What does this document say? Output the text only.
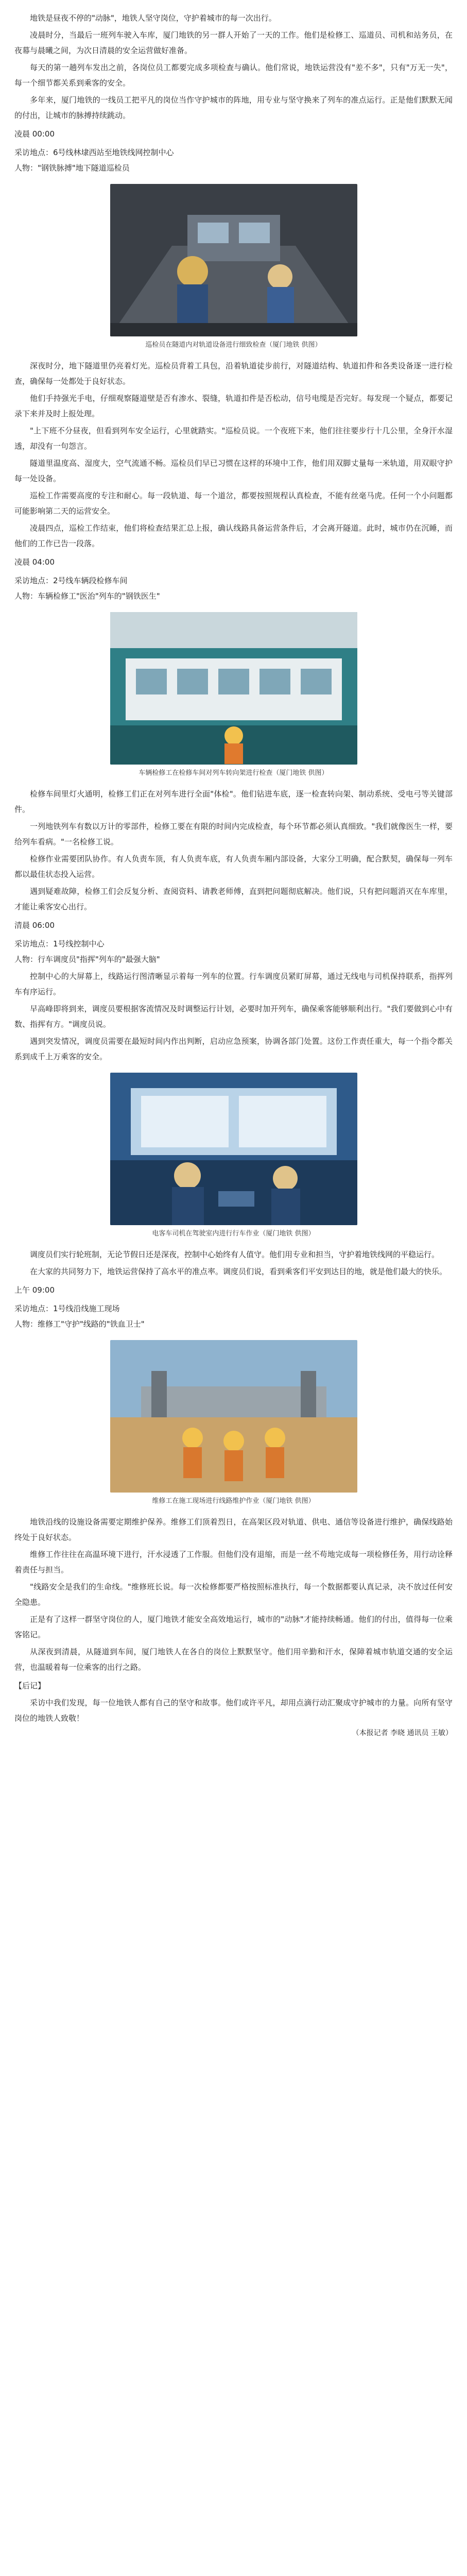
地铁是昼夜不停的"动脉"，地铁人坚守岗位，守护着城市的每一次出行。

凌晨时分，当最后一班列车驶入车库，厦门地铁的另一群人开始了一天的工作。他们是检修工、巡道员、司机和站务员，在夜幕与晨曦之间，为次日清晨的安全运营做好准备。

每天的第一趟列车发出之前，各岗位员工都要完成多项检查与确认。他们常说，地铁运营没有"差不多"，只有"万无一失"，每一个细节都关系到乘客的安全。

多年来，厦门地铁的一线员工把平凡的岗位当作守护城市的阵地，用专业与坚守换来了列车的准点运行。正是他们默默无闻的付出，让城市的脉搏持续跳动。

凌晨 00:00
采访地点：6号线林埭西站至地铁线网控制中心
人物："钢铁脉搏"地下隧道巡检员

巡检员在隧道内对轨道设备进行细致检查（厦门地铁 供图）

深夜时分，地下隧道里仍亮着灯光。巡检员背着工具包，沿着轨道徒步前行，对隧道结构、轨道扣件和各类设备逐一进行检查，确保每一处都处于良好状态。

他们手持强光手电，仔细观察隧道壁是否有渗水、裂缝，轨道扣件是否松动，信号电缆是否完好。每发现一个疑点，都要记录下来并及时上报处理。

"上下班不分昼夜，但看到列车安全运行，心里就踏实。"巡检员说。一个夜班下来，他们往往要步行十几公里，全身汗水湿透，却没有一句怨言。

隧道里温度高、湿度大，空气流通不畅。巡检员们早已习惯在这样的环境中工作，他们用双脚丈量每一米轨道，用双眼守护每一处设备。

巡检工作需要高度的专注和耐心。每一段轨道、每一个道岔，都要按照规程认真检查，不能有丝毫马虎。任何一个小问题都可能影响第二天的运营安全。

凌晨四点，巡检工作结束，他们将检查结果汇总上报，确认线路具备运营条件后，才会离开隧道。此时，城市仍在沉睡，而他们的工作已告一段落。

凌晨 04:00
采访地点：2号线车辆段检修车间
人物：车辆检修工"医治"列车的"钢铁医生"

车辆检修工在检修车间对列车转向架进行检查（厦门地铁 供图）

检修车间里灯火通明，检修工们正在对列车进行全面"体检"。他们钻进车底，逐一检查转向架、制动系统、受电弓等关键部件。

一列地铁列车有数以万计的零部件，检修工要在有限的时间内完成检查，每个环节都必须认真细致。"我们就像医生一样，要给列车看病。"一名检修工说。

检修作业需要团队协作。有人负责车顶，有人负责车底，有人负责车厢内部设备，大家分工明确，配合默契，确保每一列车都以最佳状态投入运营。

遇到疑难故障，检修工们会反复分析、查阅资料、请教老师傅，直到把问题彻底解决。他们说，只有把问题消灭在车库里，才能让乘客安心出行。

清晨 06:00
采访地点：1号线控制中心
人物：行车调度员"指挥"列车的"最强大脑"

控制中心的大屏幕上，线路运行图清晰显示着每一列车的位置。行车调度员紧盯屏幕，通过无线电与司机保持联系，指挥列车有序运行。

早高峰即将到来，调度员要根据客流情况及时调整运行计划，必要时加开列车，确保乘客能够顺利出行。"我们要做到心中有数、指挥有方。"调度员说。

遇到突发情况，调度员需要在最短时间内作出判断，启动应急预案，协调各部门处置。这份工作责任重大，每一个指令都关系到成千上万乘客的安全。

电客车司机在驾驶室内进行行车作业（厦门地铁 供图）

调度员们实行轮班制，无论节假日还是深夜，控制中心始终有人值守。他们用专业和担当，守护着地铁线网的平稳运行。

在大家的共同努力下，地铁运营保持了高水平的准点率。调度员们说，看到乘客们平安到达目的地，就是他们最大的快乐。

上午 09:00
采访地点：1号线沿线施工现场
人物：维修工"守护"线路的"铁血卫士"

维修工在施工现场进行线路维护作业（厦门地铁 供图）

地铁沿线的设施设备需要定期维护保养。维修工们顶着烈日，在高架区段对轨道、供电、通信等设备进行维护，确保线路始终处于良好状态。

维修工作往往在高温环境下进行，汗水浸透了工作服。但他们没有退缩，而是一丝不苟地完成每一项检修任务，用行动诠释着责任与担当。

"线路安全是我们的生命线。"维修班长说。每一次检修都要严格按照标准执行，每一个数据都要认真记录，决不放过任何安全隐患。

正是有了这样一群坚守岗位的人，厦门地铁才能安全高效地运行，城市的"动脉"才能持续畅通。他们的付出，值得每一位乘客铭记。

从深夜到清晨，从隧道到车间，厦门地铁人在各自的岗位上默默坚守。他们用辛勤和汗水，保障着城市轨道交通的安全运营，也温暖着每一位乘客的出行之路。

【后记】

采访中我们发现，每一位地铁人都有自己的坚守和故事。他们或许平凡，却用点滴行动汇聚成守护城市的力量。向所有坚守岗位的地铁人致敬！

（本报记者 李晓 通讯员 王敏）
